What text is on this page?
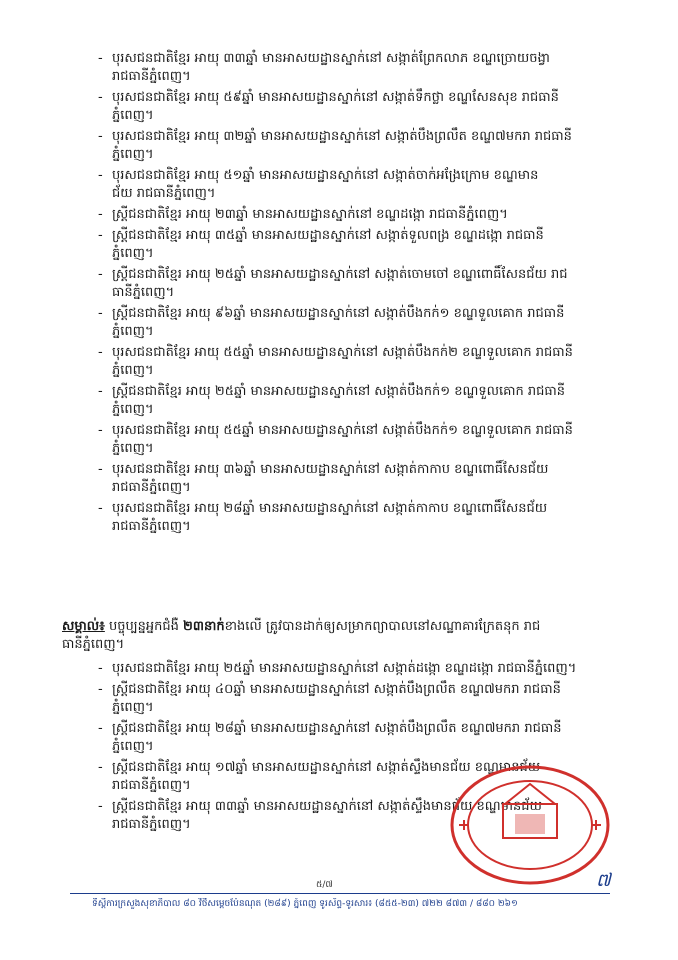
- បុរសជនជាតិខ្មែរ អាយុ ៣៣ឆ្នាំ មានអាសយដ្ឋានស្នាក់នៅ សង្កាត់ព្រែកលាភ ខណ្ឌច្រោយចង្វា
រាជធានីភ្នំពេញ។
- បុរសជនជាតិខ្មែរ អាយុ ៥៩ឆ្នាំ មានអាសយដ្ឋានស្នាក់នៅ សង្កាត់ទឹកថ្លា ខណ្ឌសែនសុខ រាជធានី
ភ្នំពេញ។
- បុរសជនជាតិខ្មែរ អាយុ ៣២ឆ្នាំ មានអាសយដ្ឋានស្នាក់នៅ សង្កាត់បឹងព្រលឹត ខណ្ឌ៧មករា រាជធានី
ភ្នំពេញ។
- បុរសជនជាតិខ្មែរ អាយុ ៥១ឆ្នាំ មានអាសយដ្ឋានស្នាក់នៅ សង្កាត់ចាក់អង្រែក្រោម ខណ្ឌមាន
ជ័យ រាជធានីភ្នំពេញ។
- ស្ត្រីជនជាតិខ្មែរ អាយុ ២៣ឆ្នាំ មានអាសយដ្ឋានស្នាក់នៅ ខណ្ឌដង្កោ រាជធានីភ្នំពេញ។
- ស្ត្រីជនជាតិខ្មែរ អាយុ ៣៥ឆ្នាំ មានអាសយដ្ឋានស្នាក់នៅ សង្កាត់ទួលពង្រ ខណ្ឌដង្កោ រាជធានី
ភ្នំពេញ។
- ស្ត្រីជនជាតិខ្មែរ អាយុ ២៥ឆ្នាំ មានអាសយដ្ឋានស្នាក់នៅ សង្កាត់ចោមចៅ ខណ្ឌពោធិ៍សែនជ័យ រាជ
ធានីភ្នំពេញ។
- ស្ត្រីជនជាតិខ្មែរ អាយុ ៩៦ឆ្នាំ មានអាសយដ្ឋានស្នាក់នៅ សង្កាត់បឹងកក់១ ខណ្ឌទួលគោក រាជធានី
ភ្នំពេញ។
- បុរសជនជាតិខ្មែរ អាយុ ៥៥ឆ្នាំ មានអាសយដ្ឋានស្នាក់នៅ សង្កាត់បឹងកក់២ ខណ្ឌទួលគោក រាជធានី
ភ្នំពេញ។
- ស្ត្រីជនជាតិខ្មែរ អាយុ ២៥ឆ្នាំ មានអាសយដ្ឋានស្នាក់នៅ សង្កាត់បឹងកក់១ ខណ្ឌទួលគោក រាជធានី
ភ្នំពេញ។
- បុរសជនជាតិខ្មែរ អាយុ ៥៥ឆ្នាំ មានអាសយដ្ឋានស្នាក់នៅ សង្កាត់បឹងកក់១ ខណ្ឌទួលគោក រាជធានី
ភ្នំពេញ។
- បុរសជនជាតិខ្មែរ អាយុ ៣៦ឆ្នាំ មានអាសយដ្ឋានស្នាក់នៅ សង្កាត់កាកាប ខណ្ឌពោធិ៍សែនជ័យ
រាជធានីភ្នំពេញ។
- បុរសជនជាតិខ្មែរ អាយុ ២៨ឆ្នាំ មានអាសយដ្ឋានស្នាក់នៅ សង្កាត់កាកាប ខណ្ឌពោធិ៍សែនជ័យ
រាជធានីភ្នំពេញ។
សម្គាល់៖ បច្ចុប្បន្នអ្នកជំងឺ ២៣នាក់ខាងលើ ត្រូវបានដាក់ឲ្យសម្រាកព្យាបាលនៅសណ្ឋាគារក្រែតនុក រាជ
ធានីភ្នំពេញ។
- បុរសជនជាតិខ្មែរ អាយុ ២៥ឆ្នាំ មានអាសយដ្ឋានស្នាក់នៅ សង្កាត់ដង្កោ ខណ្ឌដង្កោ រាជធានីភ្នំពេញ។
- ស្ត្រីជនជាតិខ្មែរ អាយុ ៤០ឆ្នាំ មានអាសយដ្ឋានស្នាក់នៅ សង្កាត់បឹងព្រលឹត ខណ្ឌ៧មករា រាជធានី
ភ្នំពេញ។
- ស្ត្រីជនជាតិខ្មែរ អាយុ ២៨ឆ្នាំ មានអាសយដ្ឋានស្នាក់នៅ សង្កាត់បឹងព្រលឹត ខណ្ឌ៧មករា រាជធានី
ភ្នំពេញ។
- ស្ត្រីជនជាតិខ្មែរ អាយុ ១៧ឆ្នាំ មានអាសយដ្ឋានស្នាក់នៅ សង្កាត់ស្ទឹងមានជ័យ ខណ្ឌមានជ័យ
រាជធានីភ្នំពេញ។
- ស្ត្រីជនជាតិខ្មែរ អាយុ ៣៣ឆ្នាំ មានអាសយដ្ឋានស្នាក់នៅ សង្កាត់ស្ទឹងមានជ័យ ខណ្ឌមានជ័យ
រាជធានីភ្នំពេញ។
៧
៥/៧
ទីស្ដីការក្រសួងសុខាភិបាល ៨០ វិថីសម្ដេចប៉ែនណុត (២៨៩) ភ្នំពេញ ទូរស័ព្ទ-ទូរសារ៖ (៨៥៥-២៣) ៧២២ ៨៧៣ / ៨៨០ ២៦១
